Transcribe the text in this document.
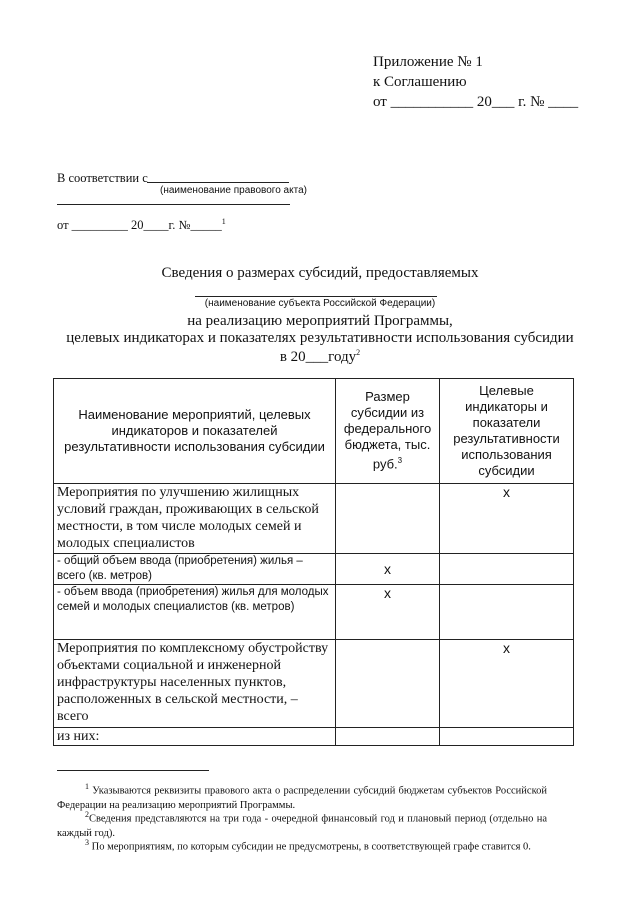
Приложение № 1
к Соглашению
от ___________ 20___ г. № ____
В соответствии с
(наименование правового акта)
от _________ 20____г. №_____$^1$
Сведения о размерах субсидий, предоставляемых
(наименование субъекта Российской Федерации)
на реализацию мероприятий Программы,
целевых индикаторах и показателях результативности использования субсидии
в 20___году$^2$
Наименование мероприятий, целевых индикаторов и показателей результативности использования субсидии	Размер субсидии из федерального бюджета, тыс. руб.$^3$	Целевые индикаторы и показатели результативности использования субсидии
Мероприятия по улучшению жилищных условий граждан, проживающих в сельской местности, в том числе молодых семей и молодых специалистов		х
- общий объем ввода (приобретения) жилья – всего (кв. метров)	х	
- объем ввода (приобретения) жилья для молодых семей и молодых специалистов (кв. метров)	х	
Мероприятия по комплексному обустройству объектами социальной и инженерной инфраструктуры населенных пунктов, расположенных в сельской местности, – всего		х
из них:		
$^1$ Указываются реквизиты правового акта о распределении субсидий бюджетам субъектов Российской Федерации на реализацию мероприятий Программы.
$^2$Сведения представляются на три года - очередной финансовый год и плановый период (отдельно на каждый год).
$^3$ По мероприятиям, по которым субсидии не предусмотрены, в соответствующей графе ставится 0.
